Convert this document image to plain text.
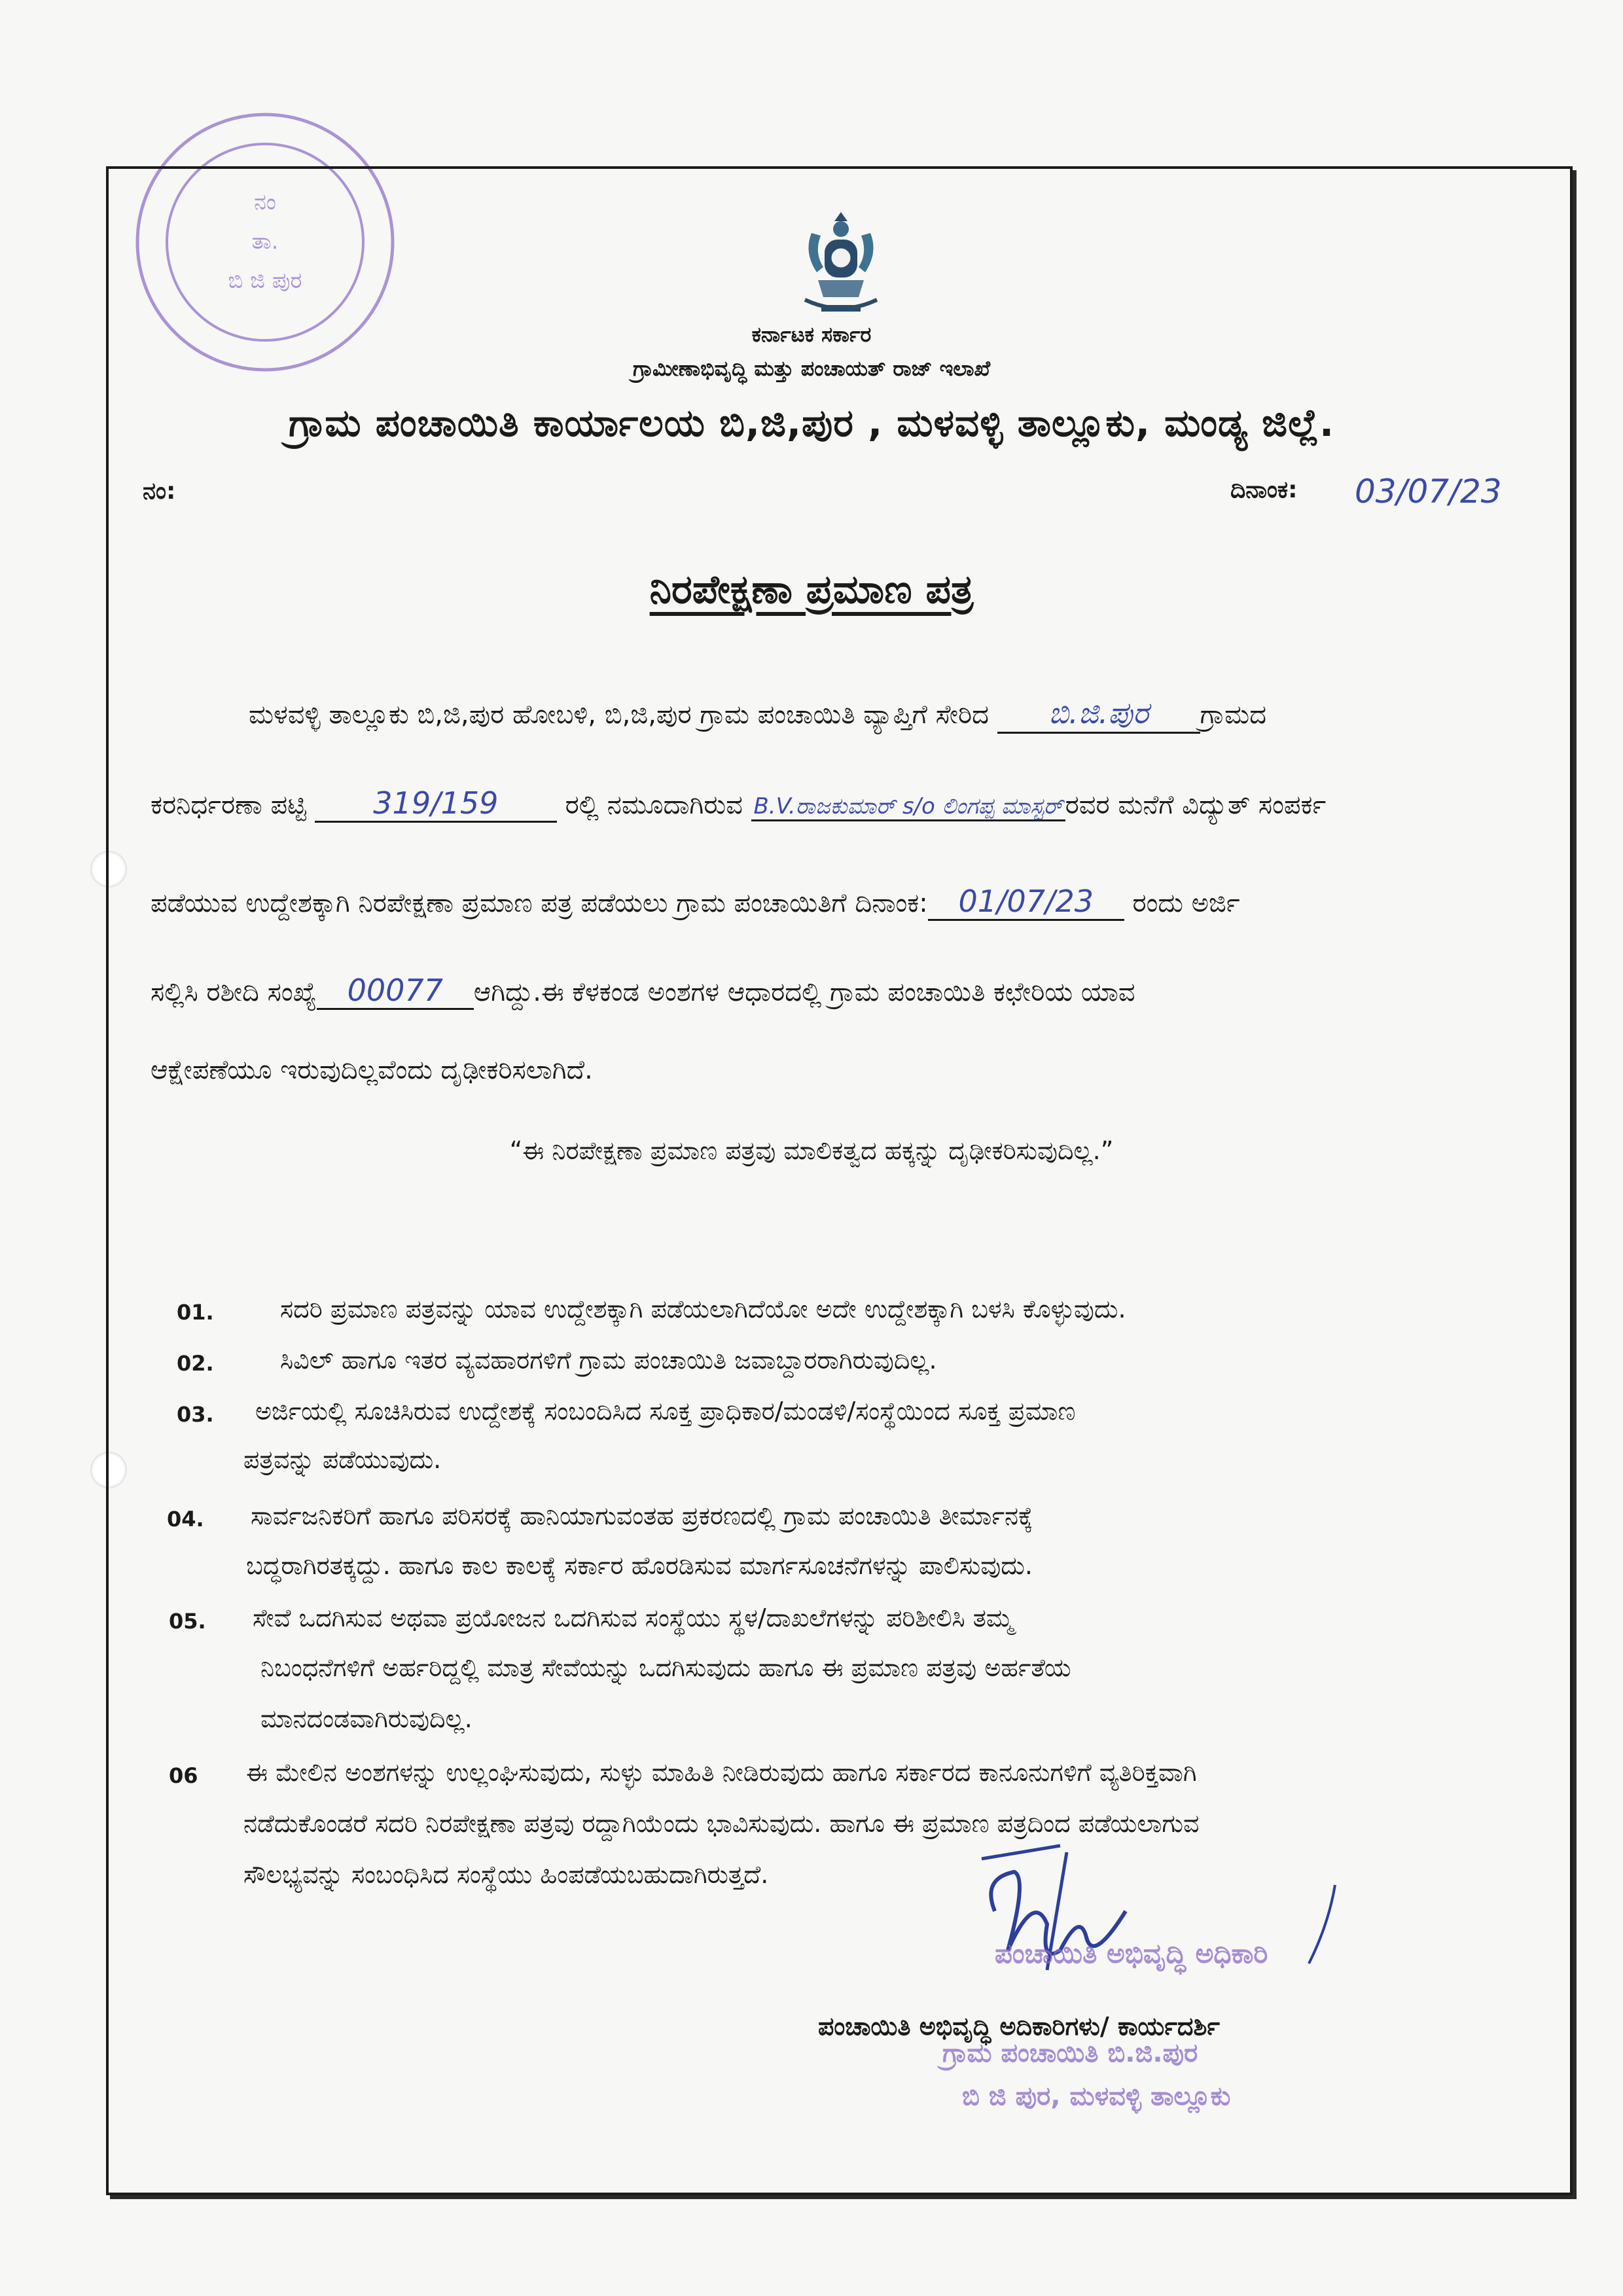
ನಂ
ತಾ.
ಬಿ ಜಿ ಪುರ
ಕರ್ನಾಟಕ ಸರ್ಕಾರ
ಗ್ರಾಮೀಣಾಭಿವೃದ್ಧಿ ಮತ್ತು ಪಂಚಾಯತ್ ರಾಜ್ ಇಲಾಖೆ
ಗ್ರಾಮ ಪಂಚಾಯಿತಿ ಕಾರ್ಯಾಲಯ ಬಿ,ಜಿ,ಪುರ , ಮಳವಳ್ಳಿ ತಾಲ್ಲೂಕು, ಮಂಡ್ಯ ಜಿಲ್ಲೆ.
ನಂ:	ದಿನಾಂಕ: 03/07/23
ನಿರಪೇಕ್ಷಣಾ ಪ್ರಮಾಣ ಪತ್ರ
ಮಳವಳ್ಳಿ ತಾಲ್ಲೂಕು ಬಿ,ಜಿ,ಪುರ ಹೋಬಳಿ, ಬಿ,ಜಿ,ಪುರ ಗ್ರಾಮ ಪಂಚಾಯಿತಿ ವ್ಯಾಪ್ತಿಗೆ ಸೇರಿದ ಬಿ.ಜಿ.ಪುರ ಗ್ರಾಮದ
ಕರನಿರ್ಧರಣಾ ಪಟ್ಟಿ 319/159	ರಲ್ಲಿ ನಮೂದಾಗಿರುವ B.V.ರಾಜಕುಮಾರ್ s/o ಲಿಂಗಪ್ಪ ಮಾಸ್ಟರ್ರವರ ಮನೆಗೆ ವಿದ್ಯುತ್ ಸಂಪರ್ಕ
ಪಡೆಯುವ ಉದ್ದೇಶಕ್ಕಾಗಿ ನಿರಪೇಕ್ಷಣಾ ಪ್ರಮಾಣ ಪತ್ರ ಪಡೆಯಲು ಗ್ರಾಮ ಪಂಚಾಯಿತಿಗೆ ದಿನಾಂಕ: 01/07/23 ರಂದು ಅರ್ಜಿ
ಸಲ್ಲಿಸಿ ರಶೀದಿ ಸಂಖ್ಯೆ 00077 ಆಗಿದ್ದು.ಈ ಕೆಳಕಂಡ ಅಂಶಗಳ ಆಧಾರದಲ್ಲಿ ಗ್ರಾಮ ಪಂಚಾಯಿತಿ ಕಛೇರಿಯ ಯಾವ
ಆಕ್ಷೇಪಣೆಯೂ ಇರುವುದಿಲ್ಲವೆಂದು ದೃಢೀಕರಿಸಲಾಗಿದೆ.
“ಈ ನಿರಪೇಕ್ಷಣಾ ಪ್ರಮಾಣ ಪತ್ರವು ಮಾಲಿಕತ್ವದ ಹಕ್ಕನ್ನು ದೃಢೀಕರಿಸುವುದಿಲ್ಲ.”
01.	ಸದರಿ ಪ್ರಮಾಣ ಪತ್ರವನ್ನು ಯಾವ ಉದ್ದೇಶಕ್ಕಾಗಿ ಪಡೆಯಲಾಗಿದೆಯೋ ಅದೇ ಉದ್ದೇಶಕ್ಕಾಗಿ ಬಳಸಿ ಕೊಳ್ಳುವುದು.
02.	ಸಿವಿಲ್ ಹಾಗೂ ಇತರ ವ್ಯವಹಾರಗಳಿಗೆ ಗ್ರಾಮ ಪಂಚಾಯಿತಿ ಜವಾಬ್ದಾರರಾಗಿರುವುದಿಲ್ಲ.
03. ಅರ್ಜಿಯಲ್ಲಿ ಸೂಚಿಸಿರುವ ಉದ್ದೇಶಕ್ಕೆ ಸಂಬಂದಿಸಿದ ಸೂಕ್ತ ಪ್ರಾಧಿಕಾರ/ಮಂಡಳಿ/ಸಂಸ್ಥೆಯಿಂದ ಸೂಕ್ತ ಪ್ರಮಾಣ
ಪತ್ರವನ್ನು ಪಡೆಯುವುದು.
04. ಸಾರ್ವಜನಿಕರಿಗೆ ಹಾಗೂ ಪರಿಸರಕ್ಕೆ ಹಾನಿಯಾಗುವಂತಹ ಪ್ರಕರಣದಲ್ಲಿ ಗ್ರಾಮ ಪಂಚಾಯಿತಿ ತೀರ್ಮಾನಕ್ಕೆ
ಬದ್ಧರಾಗಿರತಕ್ಕದ್ದು. ಹಾಗೂ ಕಾಲ ಕಾಲಕ್ಕೆ ಸರ್ಕಾರ ಹೊರಡಿಸುವ ಮಾರ್ಗಸೂಚನೆಗಳನ್ನು ಪಾಲಿಸುವುದು.
05. ಸೇವೆ ಒದಗಿಸುವ ಅಥವಾ ಪ್ರಯೋಜನ ಒದಗಿಸುವ ಸಂಸ್ಥೆಯು ಸ್ಥಳ/ದಾಖಲೆಗಳನ್ನು ಪರಿಶೀಲಿಸಿ ತಮ್ಮ
ನಿಬಂಧನೆಗಳಿಗೆ ಅರ್ಹರಿದ್ದಲ್ಲಿ ಮಾತ್ರ ಸೇವೆಯನ್ನು ಒದಗಿಸುವುದು ಹಾಗೂ ಈ ಪ್ರಮಾಣ ಪತ್ರವು ಅರ್ಹತೆಯ
ಮಾನದಂಡವಾಗಿರುವುದಿಲ್ಲ.
06 ಈ ಮೇಲಿನ ಅಂಶಗಳನ್ನು ಉಲ್ಲಂಘಿಸುವುದು, ಸುಳ್ಳು ಮಾಹಿತಿ ನೀಡಿರುವುದು ಹಾಗೂ ಸರ್ಕಾರದ ಕಾನೂನುಗಳಿಗೆ ವ್ಯತಿರಿಕ್ತವಾಗಿ
ನಡೆದುಕೊಂಡರೆ ಸದರಿ ನಿರಪೇಕ್ಷಣಾ ಪತ್ರವು ರದ್ದಾಗಿಯೆಂದು ಭಾವಿಸುವುದು. ಹಾಗೂ ಈ ಪ್ರಮಾಣ ಪತ್ರದಿಂದ ಪಡೆಯಲಾಗುವ
ಸೌಲಭ್ಯವನ್ನು ಸಂಬಂಧಿಸಿದ ಸಂಸ್ಥೆಯು ಹಿಂಪಡೆಯಬಹುದಾಗಿರುತ್ತದೆ.
ಪಂಚಾಯಿತಿ ಅಭಿವೃದ್ಧಿ ಅಧಿಕಾರಿ
ಗ್ರಾಮ ಪಂಚಾಯಿತಿ ಬಿ.ಜಿ.ಪುರ
ಬಿ ಜಿ ಪುರ, ಮಳವಳ್ಳಿ ತಾಲ್ಲೂಕು
ಪಂಚಾಯಿತಿ ಅಭಿವೃದ್ಧಿ ಅದಿಕಾರಿಗಳು/ ಕಾರ್ಯದರ್ಶಿ
